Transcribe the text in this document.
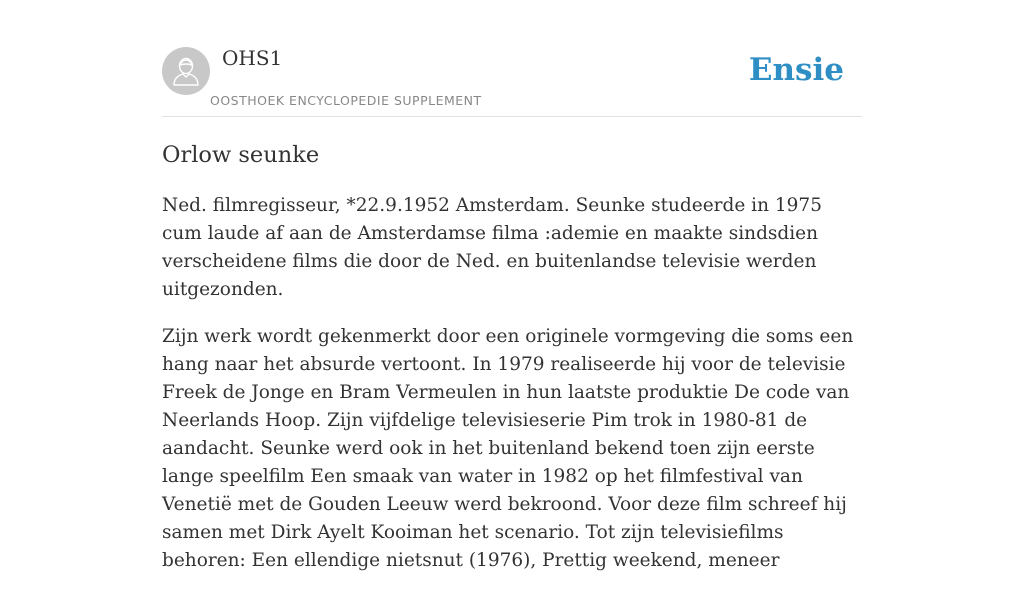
OHS1
OOSTHOEK ENCYCLOPEDIE SUPPLEMENT
Ensie
Orlow seunke

Ned. filmregisseur, *22.9.1952 Amsterdam. Seunke studeerde in 1975 cum laude af aan de Amsterdamse filma :ademie en maakte sindsdien verscheidene films die door de Ned. en buitenlandse televisie werden uitgezonden.

Zijn werk wordt gekenmerkt door een originele vormgeving die soms een hang naar het absurde vertoont. In 1979 realiseerde hij voor de televisie Freek de Jonge en Bram Vermeulen in hun laatste produktie De code van Neerlands Hoop. Zijn vijfdelige televisieserie Pim trok in 1980-81 de aandacht. Seunke werd ook in het buitenland bekend toen zijn eerste lange speelfilm Een smaak van water in 1982 op het filmfestival van Venetië met de Gouden Leeuw werd bekroond. Voor deze film schreef hij samen met Dirk Ayelt Kooiman het scenario. Tot zijn televisiefilms behoren: Een ellendige nietsnut (1976), Prettig weekend, meneer
